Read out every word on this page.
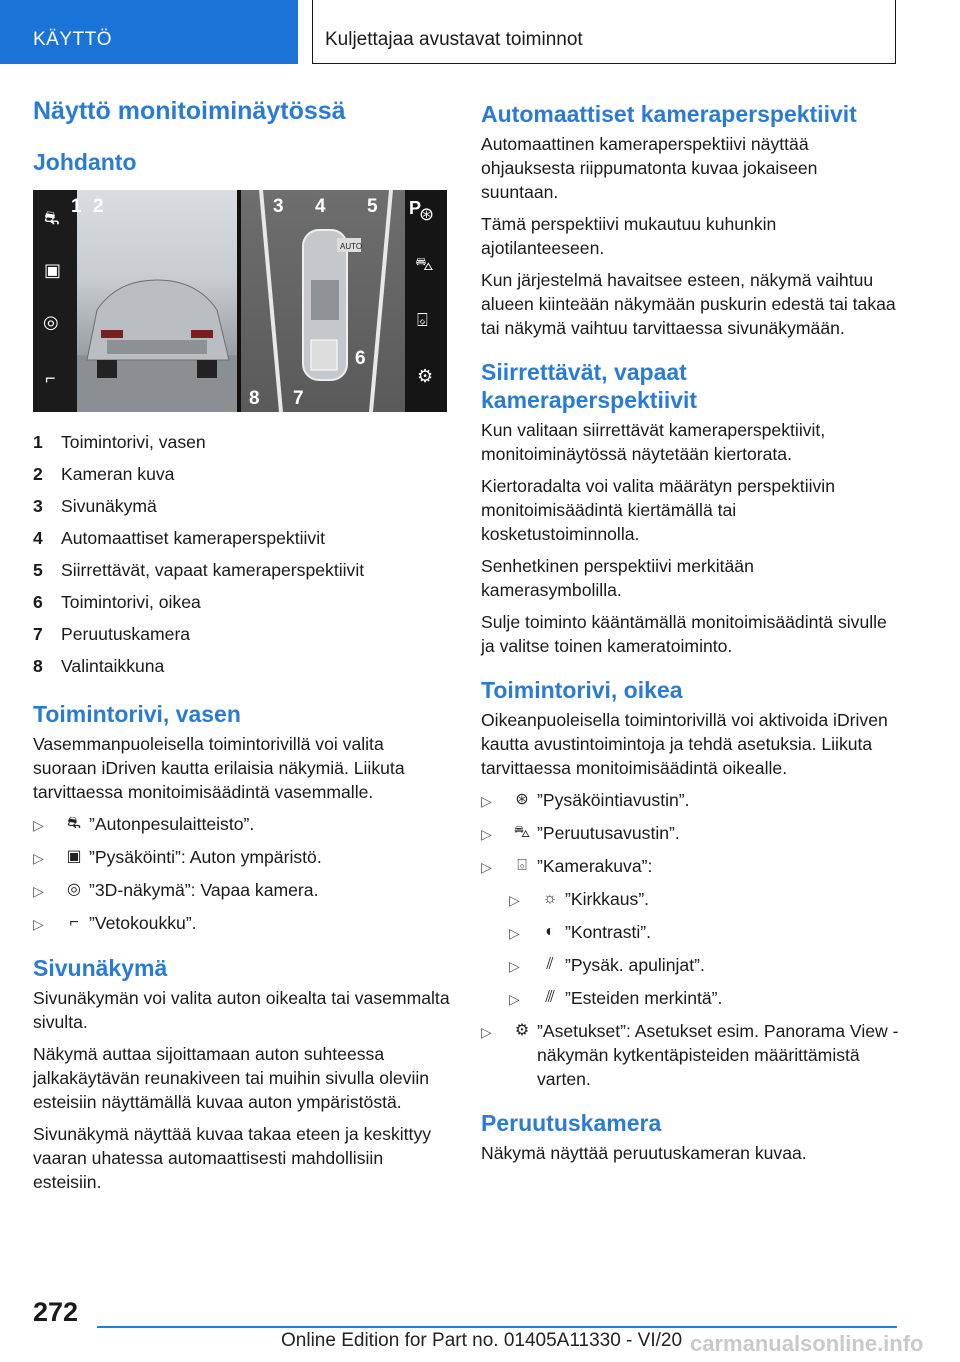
KÄYTTÖ	Kuljettajaa avustavat toiminnot
Näyttö monitoiminäytössä
Johdanto
⛐
▣
◎
⌐
AUTO
P
⊛
⛍
⌺
⚙
1 2	3 4 5
6
7
8
1	Toimintorivi, vasen
2	Kameran kuva
3	Sivunäkymä
4	Automaattiset kameraperspektiivit
5	Siirrettävät, vapaat kameraperspektiivit
6	Toimintorivi, oikea
7	Peruutuskamera
8	Valintaikkuna
Toimintorivi, vasen

Vasemmanpuoleisella toimintorivillä voi valita suoraan iDriven kautta erilaisia näkymiä. Liikuta tarvittaessa monitoimisäädintä vasemmalle.

▷	⛐ ”Autonpesulaitteisto”.
▷	▣ ”Pysäköinti”: Auton ympäristö.
▷	◎ ”3D-näkymä”: Vapaa kamera.
▷	⌐ ”Vetokoukku”.
Sivunäkymä

Sivunäkymän voi valita auton oikealta tai vasemmalta sivulta.

Näkymä auttaa sijoittamaan auton suhteessa jalkakäytävän reunakiveen tai muihin sivulla oleviin esteisiin näyttämällä kuvaa auton ympäristöstä.

Sivunäkymä näyttää kuvaa takaa eteen ja keskittyy vaaran uhatessa automaattisesti mahdollisiin esteisiin.

Automaattiset kameraperspektiivit

Automaattinen kameraperspektiivi näyttää ohjauksesta riippumatonta kuvaa jokaiseen suuntaan.

Tämä perspektiivi mukautuu kuhunkin ajotilanteeseen.

Kun järjestelmä havaitsee esteen, näkymä vaihtuu alueen kiinteään näkymään puskurin edestä tai takaa tai näkymä vaihtuu tarvittaessa sivunäkymään.

Siirrettävät, vapaat kameraperspektiivit

Kun valitaan siirrettävät kameraperspektiivit, monitoiminäytössä näytetään kiertorata.

Kiertoradalta voi valita määrätyn perspektiivin monitoimisäädintä kiertämällä tai kosketustoiminnolla.

Senhetkinen perspektiivi merkitään kamerasymbolilla.

Sulje toiminto kääntämällä monitoimisäädintä sivulle ja valitse toinen kameratoiminto.

Toimintorivi, oikea

Oikeanpuoleisella toimintorivillä voi aktivoida iDriven kautta avustintoimintoja ja tehdä asetuksia. Liikuta tarvittaessa monitoimisäädintä oikealle.

▷	⊛ ”Pysäköintiavustin”.
▷	⛍ ”Peruutusavustin”.
▷	⌺ ”Kamerakuva”:
▷	☼ ”Kirkkaus”.
▷	◐ ”Kontrasti”.
▷	⫽ ”Pysäk. apulinjat”.
▷	⫻ ”Esteiden merkintä”.
▷	⚙ ”Asetukset”: Asetukset esim. Panorama View -näkymän kytkentäpisteiden määrittämistä varten.
Peruutuskamera

Näkymä näyttää peruutuskameran kuvaa.

272
Online Edition for Part no. 01405A11330 - VI/20 carmanualsonline.info
